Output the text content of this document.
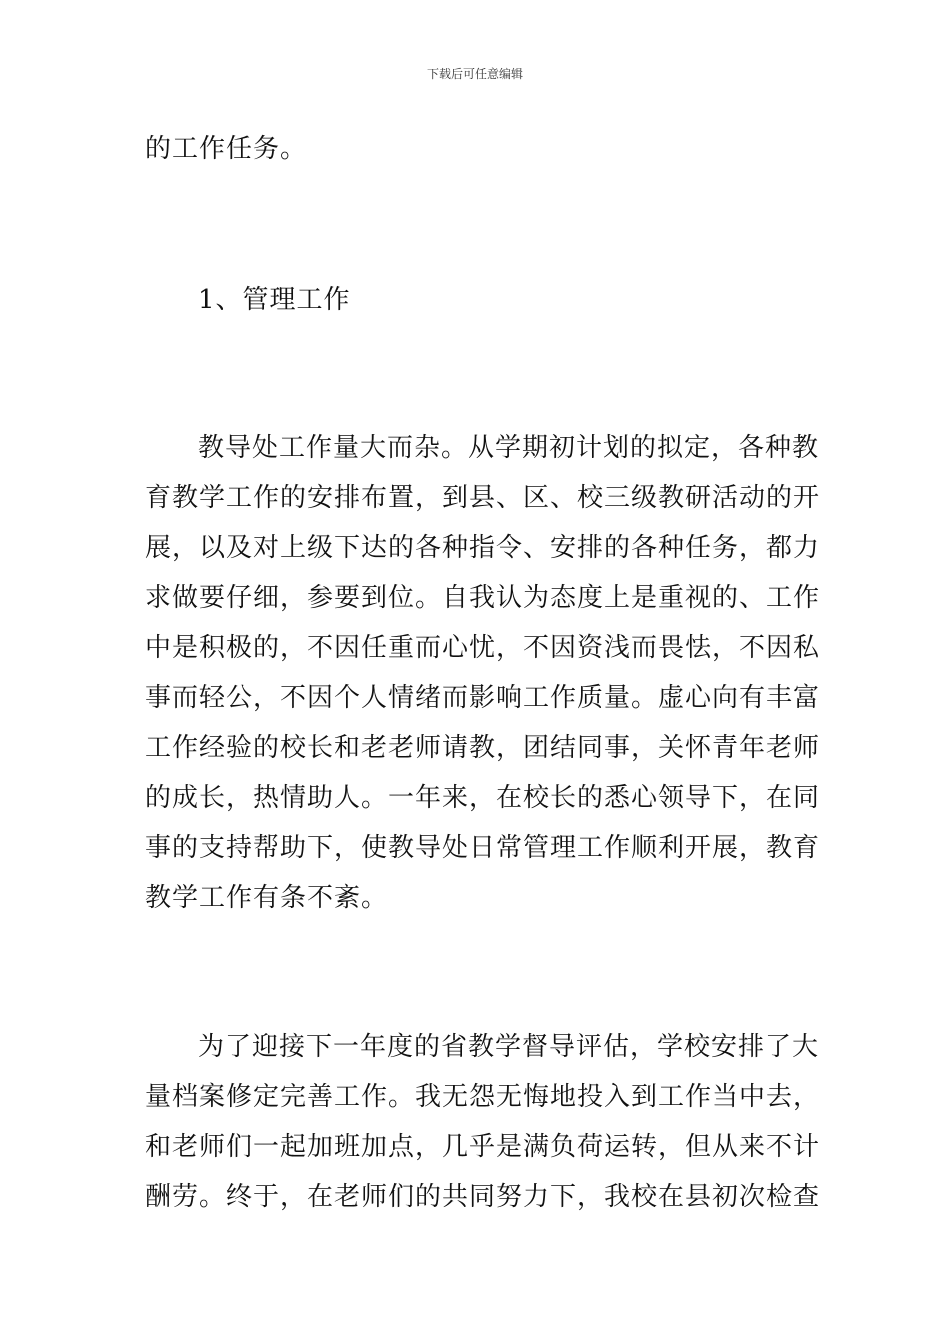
下载后可任意编辑
的工作任务。
1、管理工作
教导处工作量大而杂。从学期初计划的拟定，各种教
育教学工作的安排布置，到县、区、校三级教研活动的开
展，以及对上级下达的各种指令、安排的各种任务，都力
求做要仔细，参要到位。自我认为态度上是重视的、工作
中是积极的，不因任重而心忧，不因资浅而畏怯，不因私
事而轻公，不因个人情绪而影响工作质量。虚心向有丰富
工作经验的校长和老老师请教，团结同事，关怀青年老师
的成长，热情助人。一年来，在校长的悉心领导下，在同
事的支持帮助下，使教导处日常管理工作顺利开展，教育
教学工作有条不紊。
为了迎接下一年度的省教学督导评估，学校安排了大
量档案修定完善工作。我无怨无悔地投入到工作当中去，
和老师们一起加班加点，几乎是满负荷运转，但从来不计
酬劳。终于，在老师们的共同努力下，我校在县初次检查
